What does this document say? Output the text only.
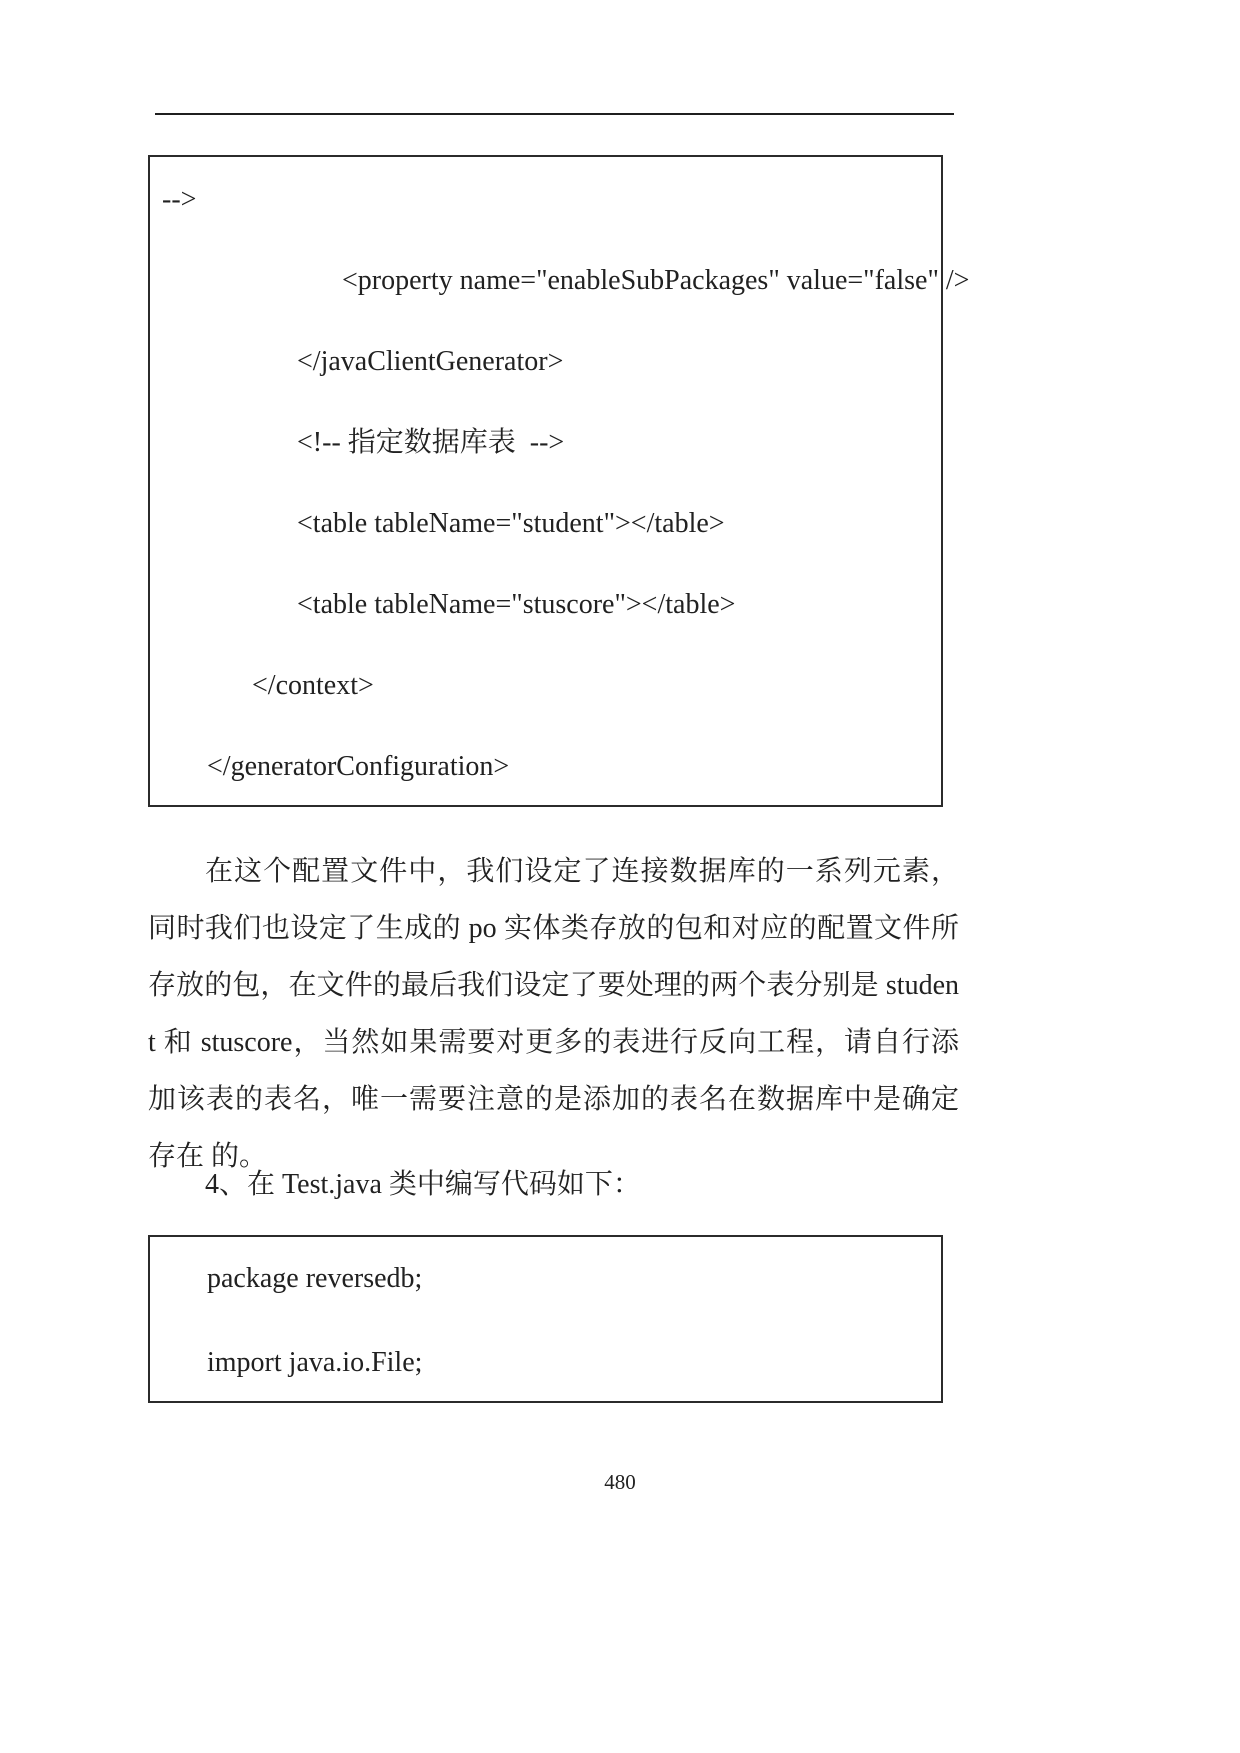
-->
				<property name="enableSubPackages" value="false" />
			</javaClientGenerator>
			<!-- 指定数据库表  -->
			<table tableName="student"></table>
			<table tableName="stuscore"></table>
		</context>
	</generatorConfiguration>

在这个配置文件中，我们设定了连接数据库的一系列元素，同时我们也设定了生成的 po 实体类存放的包和对应的配置文件所存放的包，在文件的最后我们设定了要处理的两个表分别是 student 和 stuscore，当然如果需要对更多的表进行反向工程，请自行添加该表的表名，唯一需要注意的是添加的表名在数据库中是确定存在 的。

4、在 Test.java 类中编写代码如下：

	package reversedb;
	import java.io.File;
480
